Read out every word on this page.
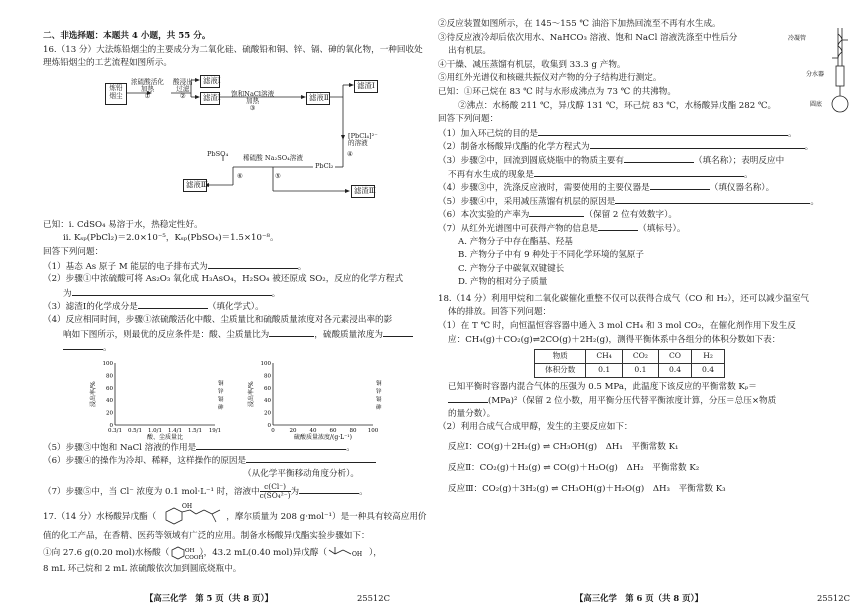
二、非选择题：本题共 4 小题，共 55 分。
16.（13 分）大法炼铅烟尘的主要成分为二氧化硅、硫酸铅和铜、锌、镉、砷的氧化物，一种回收处
理炼铅烟尘的工艺流程如图所示。
炼铅
烟尘
浓硫酸活化
加热
①
酸浸出
过滤
②
滤液Ⅰ
滤渣Ⅰ 饱和NaCl溶液
加热
③
滤液Ⅱ
滤渣Ⅰ
[PbCl₄]²⁻
的溶液
PbSO₄ 稀硫酸 Na₂SO₄溶液
PbCl₂
④
⑤
⑥
滤液Ⅲ
滤渣Ⅲ
已知：ⅰ. CdSO₄ 易溶于水，热稳定性好。
ⅱ. Kₛₚ(PbCl₂)＝2.0×10⁻⁵，Kₛₚ(PbSO₄)＝1.5×10⁻⁸。
回答下列问题：
（1）基态 As 原子 M 能层的电子排布式为	。
（2）步骤①中浓硫酸可将 As₂O₃ 氧化成 H₃AsO₄，H₂SO₄ 被还原成 SO₂，反应的化学方程式
为	。
（3）滤渣Ⅰ的化学成分是	（填化学式）。
（4）反应相同时间，步骤①浓硫酸活化中酸、尘质量比和硫酸质量浓度对各元素浸出率的影
响如下图所示，则最优的反应条件是：酸、尘质量比为	，硫酸质量浓度为
。
浸出率/%
100
80
60
40
20
0
0.3/1 0.5/1 1.0/1 1.4/1 1.5/1 19/1
酸、尘质量比
铜
锌
镉
砷
浸出率/%
100
80
60
40
20
0
0	20 40 60 80 100
硫酸质量浓度/(g·L⁻¹)
铜
锌
镉
砷
（5）步骤③中饱和 NaCl 溶液的作用是	。
（6）步骤④的操作为冷却、稀释，这样操作的原因是
（从化学平衡移动角度分析）。
（7）步骤⑤中，当 Cl⁻ 浓度为 0.1 mol·L⁻¹ 时，溶液中 $\frac{c(Cl^-)}{\text{c(SO₄²⁻)}}$ 为	。
17.（14 分）水杨酸异戊酯（
OH
，摩尔质量为 208 g·mol⁻¹）是一种具有较高应用价
值的化工产品，在香精、医药等领域有广泛的应用。制备水杨酸异戊酯实验步骤如下：
①向 27.6 g(0.20 mol)水杨酸（	OH
COOH
），43.2 mL(0.40 mol)异戊醇（	OH ），
8 mL 环己烷和 2 mL 浓硫酸依次加到圆底烧瓶中。
【高三化学　第 5 页（共 8 页）】	25512C
冷凝管
分水器
圆底
②反应装置如图所示，在 145～155 ℃ 油浴下加热回流至不再有水生成。
③待反应液冷却后依次用水、NaHCO₃ 溶液、饱和 NaCl 溶液洗涤至中性后分
出有机层。
④干燥、减压蒸馏有机层，收集到 33.3 g 产物。
⑤用红外光谱仪和核磁共振仪对产物的分子结构进行测定。
已知：①环己烷在 83 ℃ 时与水形成沸点为 73 ℃ 的共沸物。
②沸点：水杨酸 211 ℃，异戊醇 131 ℃，环己烷 83 ℃，水杨酸异戊酯 282 ℃。
回答下列问题：
（1）加入环己烷的目的是	。
（2）制备水杨酸异戊酯的化学方程式为	。
（3）步骤②中，回流到圆底烧瓶中的物质主要有	（填名称）；表明反应中
不再有水生成的现象是	。
（4）步骤③中，洗涤反应液时，需要使用的主要仪器是	（填仪器名称）。
（5）步骤④中，采用减压蒸馏有机层的原因是	。
（6）本次实验的产率为	（保留 2 位有效数字）。
（7）从红外光谱图中可获得产物的信息是	（填标号）。
A. 产物分子中存在酯基、羟基
B. 产物分子中有 9 种处于不同化学环境的氢原子
C. 产物分子中碳氧双键键长
D. 产物的相对分子质量
18.（14 分）利用甲烷和二氧化碳催化重整不仅可以获得合成气（CO 和 H₂），还可以减少温室气
体的排放。回答下列问题：
（1）在 T ℃ 时，向恒温恒容容器中通入 3 mol CH₄ 和 3 mol CO₂，在催化剂作用下发生反
应：CH₄(g)＋CO₂(g)⇌2CO(g)＋2H₂(g)，测得平衡体系中各组分的体积分数如下表：
物质	CH₄	CO₂	CO	H₂
体积分数	0.1	0.1	0.4	0.4
已知平衡时容器内混合气体的压强为 0.5 MPa，此温度下该反应的平衡常数 Kₚ＝
(MPa)²（保留 2 位小数，用平衡分压代替平衡浓度计算，分压＝总压×物质
的量分数）。
（2）利用合成气合成甲醇，发生的主要反应如下：
反应Ⅰ：CO(g)＋2H₂(g) ⇌ CH₃OH(g)　ΔH₁　平衡常数 K₁
反应Ⅱ：CO₂(g)＋H₂(g) ⇌ CO(g)＋H₂O(g)　ΔH₂　平衡常数 K₂
反应Ⅲ：CO₂(g)＋3H₂(g) ⇌ CH₃OH(g)＋H₂O(g)　ΔH₃　平衡常数 K₃
【高三化学　第 6 页（共 8 页）】	25512C
